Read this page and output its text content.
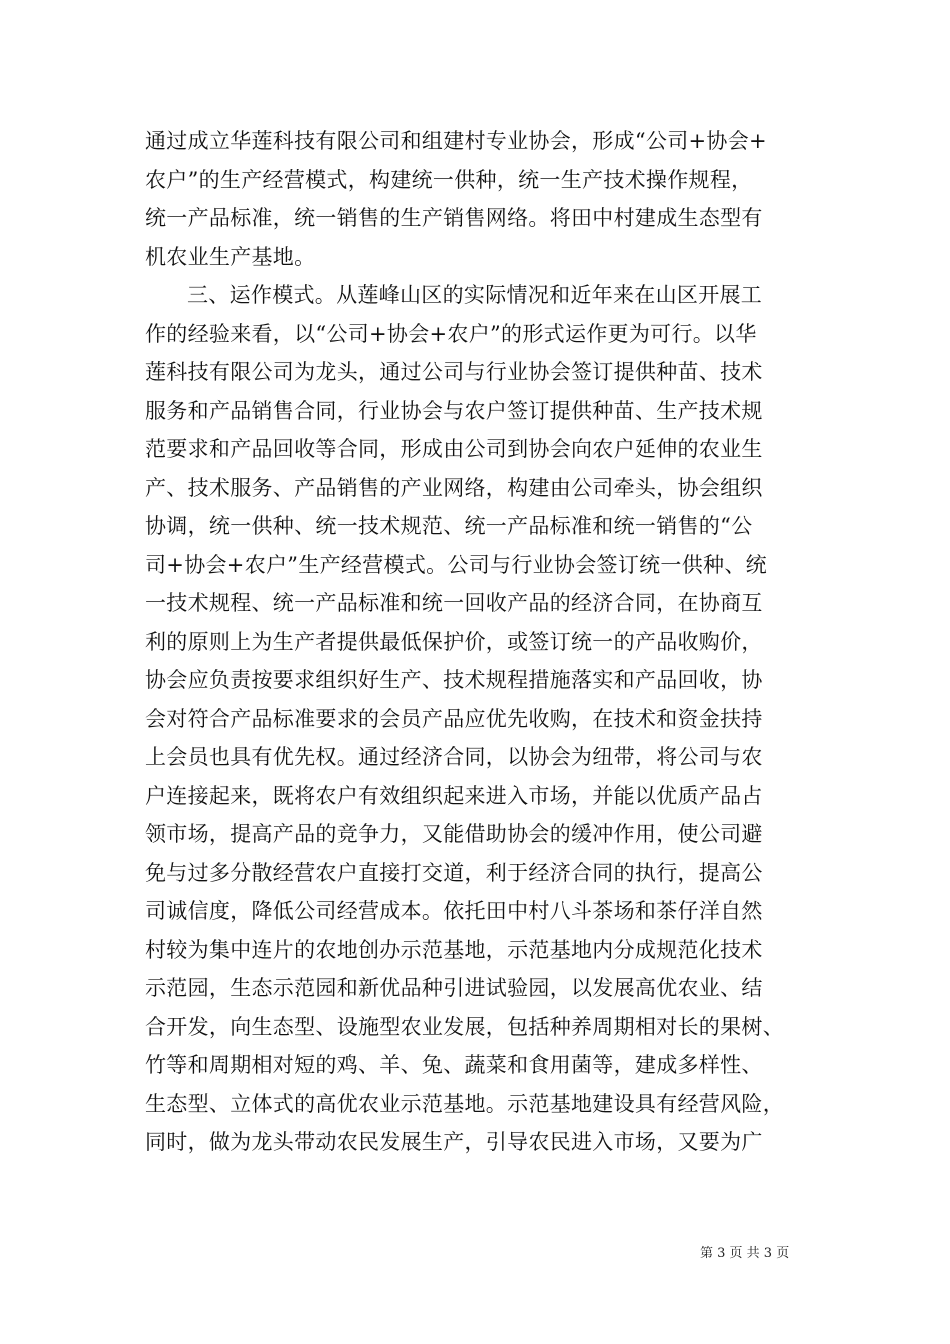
通过成立华莲科技有限公司和组建村专业协会，形成“公司+协会+
农户”的生产经营模式，构建统一供种，统一生产技术操作规程，
统一产品标准，统一销售的生产销售网络。将田中村建成生态型有
机农业生产基地。
三、运作模式。从莲峰山区的实际情况和近年来在山区开展工
作的经验来看，以“公司+协会+农户”的形式运作更为可行。以华
莲科技有限公司为龙头，通过公司与行业协会签订提供种苗、技术
服务和产品销售合同，行业协会与农户签订提供种苗、生产技术规
范要求和产品回收等合同，形成由公司到协会向农户延伸的农业生
产、技术服务、产品销售的产业网络，构建由公司牵头，协会组织
协调，统一供种、统一技术规范、统一产品标准和统一销售的“公
司+协会+农户”生产经营模式。公司与行业协会签订统一供种、统
一技术规程、统一产品标准和统一回收产品的经济合同，在协商互
利的原则上为生产者提供最低保护价，或签订统一的产品收购价，
协会应负责按要求组织好生产、技术规程措施落实和产品回收，协
会对符合产品标准要求的会员产品应优先收购，在技术和资金扶持
上会员也具有优先权。通过经济合同，以协会为纽带，将公司与农
户连接起来，既将农户有效组织起来进入市场，并能以优质产品占
领市场，提高产品的竞争力，又能借助协会的缓冲作用，使公司避
免与过多分散经营农户直接打交道，利于经济合同的执行，提高公
司诚信度，降低公司经营成本。依托田中村八斗茶场和茶仔洋自然
村较为集中连片的农地创办示范基地，示范基地内分成规范化技术
示范园，生态示范园和新优品种引进试验园，以发展高优农业、结
合开发，向生态型、设施型农业发展，包括种养周期相对长的果树、
竹等和周期相对短的鸡、羊、兔、蔬菜和食用菌等，建成多样性、
生态型、立体式的高优农业示范基地。示范基地建设具有经营风险，
同时，做为龙头带动农民发展生产，引导农民进入市场，又要为广
第 3 页 共 3 页
